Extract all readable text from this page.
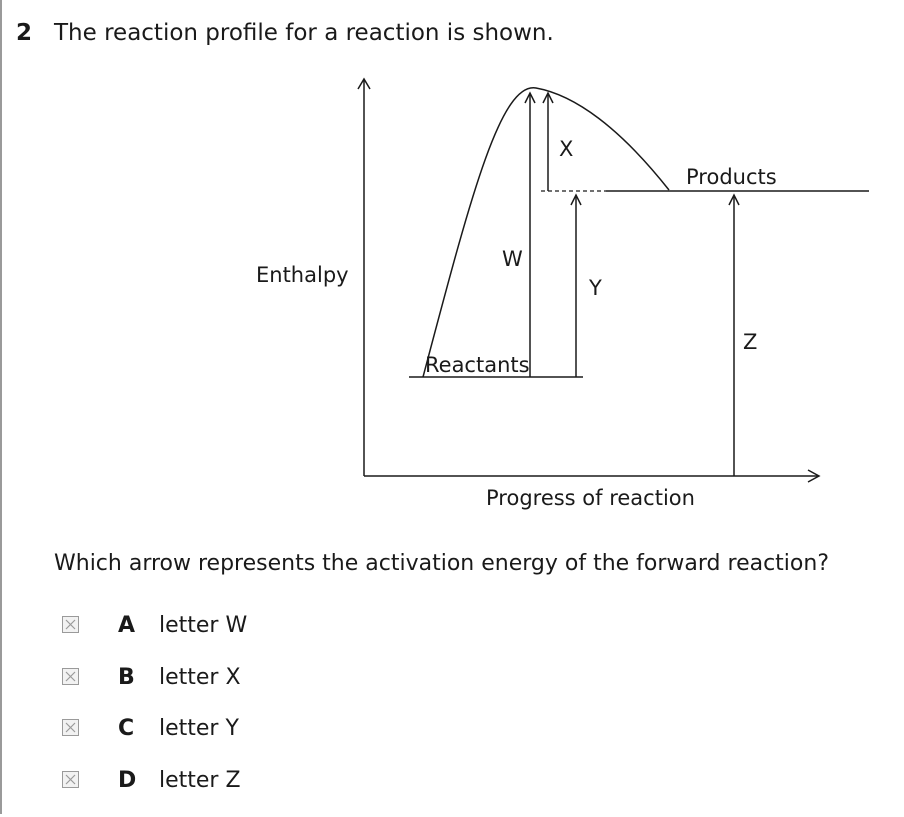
2 The reaction profile for a reaction is shown.
Enthalpy
Progress of reaction
Reactants
Products
W
X
Y
Z
Which arrow represents the activation energy of the forward reaction?
A	letter W
B	letter X
C	letter Y
D	letter Z
